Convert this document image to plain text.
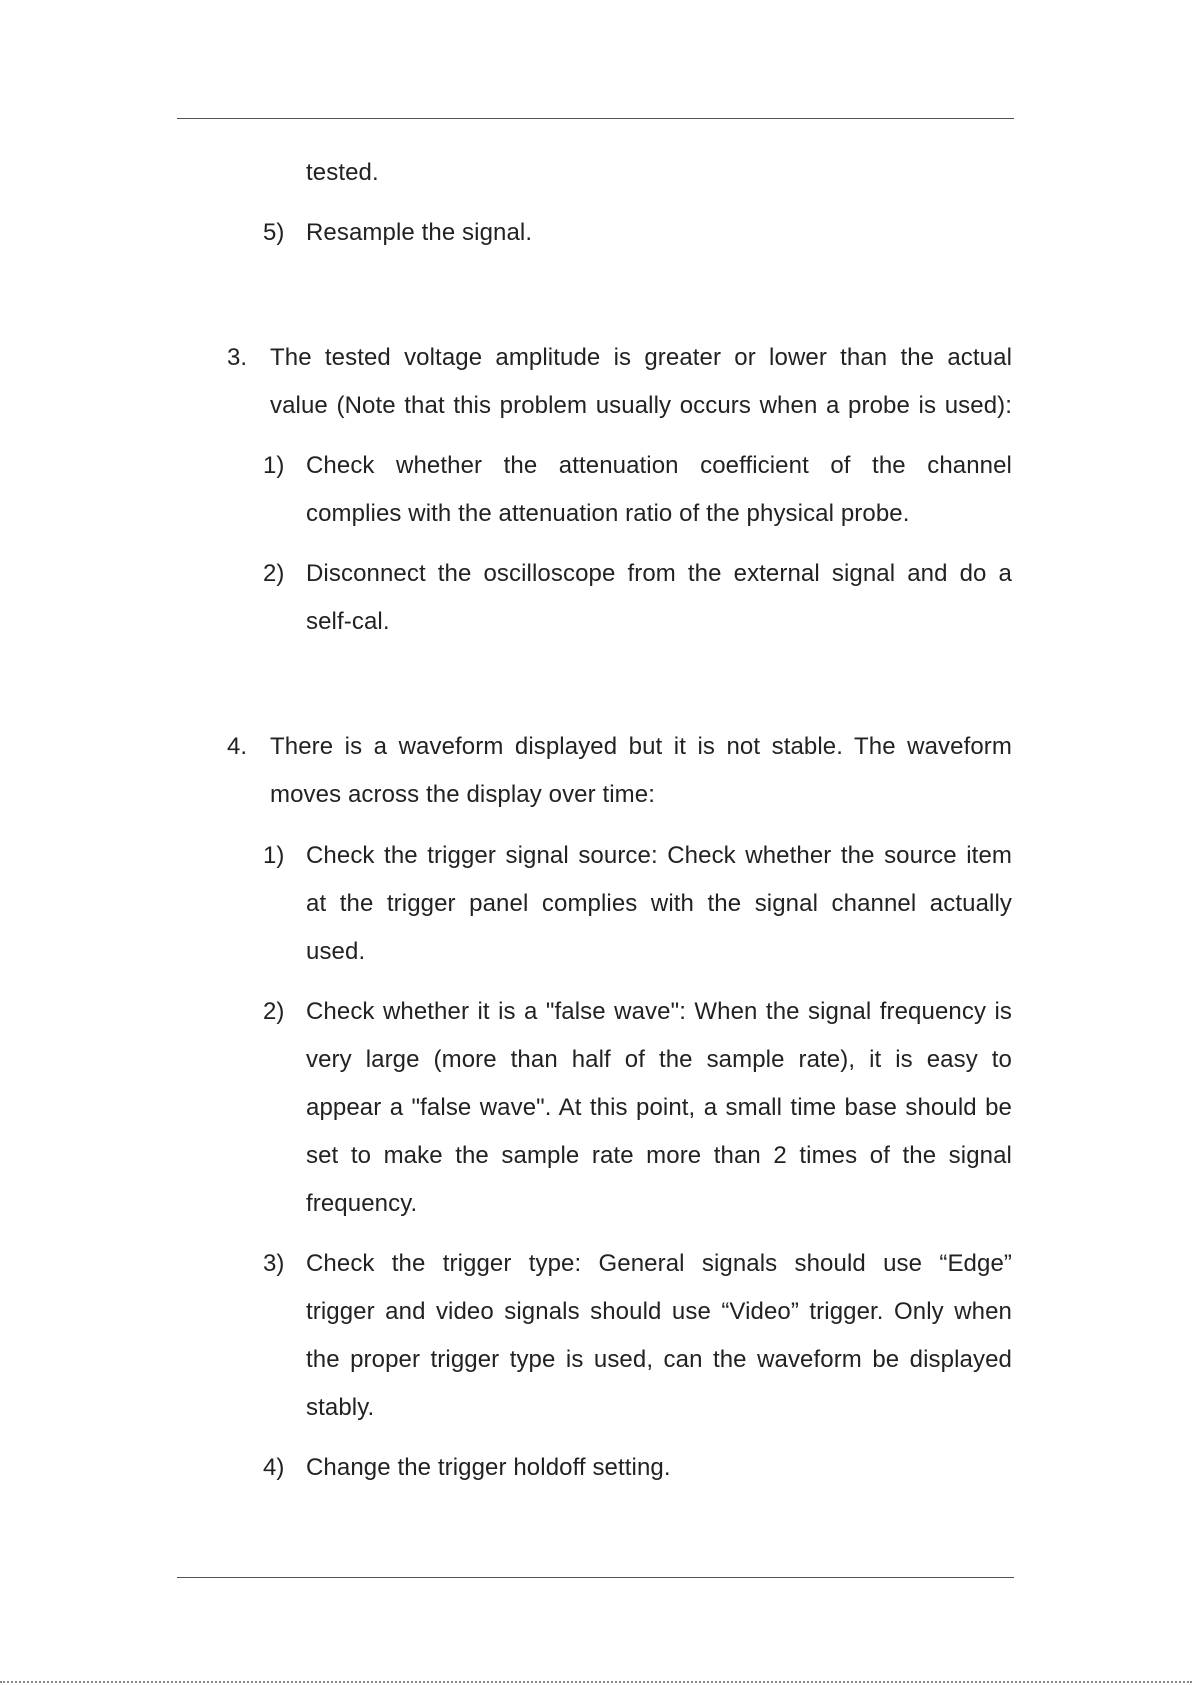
tested.
5) Resample the signal.
3. The tested voltage amplitude is greater or lower than the actual
value (Note that this problem usually occurs when a probe is used):
1) Check whether the attenuation coefficient of the channel
complies with the attenuation ratio of the physical probe.
2) Disconnect the oscilloscope from the external signal and do a
self-cal.
4. There is a waveform displayed but it is not stable. The waveform
moves across the display over time:
1) Check the trigger signal source: Check whether the source item
at the trigger panel complies with the signal channel actually
used.
2) Check whether it is a "false wave": When the signal frequency is
very large (more than half of the sample rate), it is easy to
appear a "false wave". At this point, a small time base should be
set to make the sample rate more than 2 times of the signal
frequency.
3) Check the trigger type: General signals should use “Edge”
trigger and video signals should use “Video” trigger. Only when
the proper trigger type is used, can the waveform be displayed
stably.
4) Change the trigger holdoff setting.
